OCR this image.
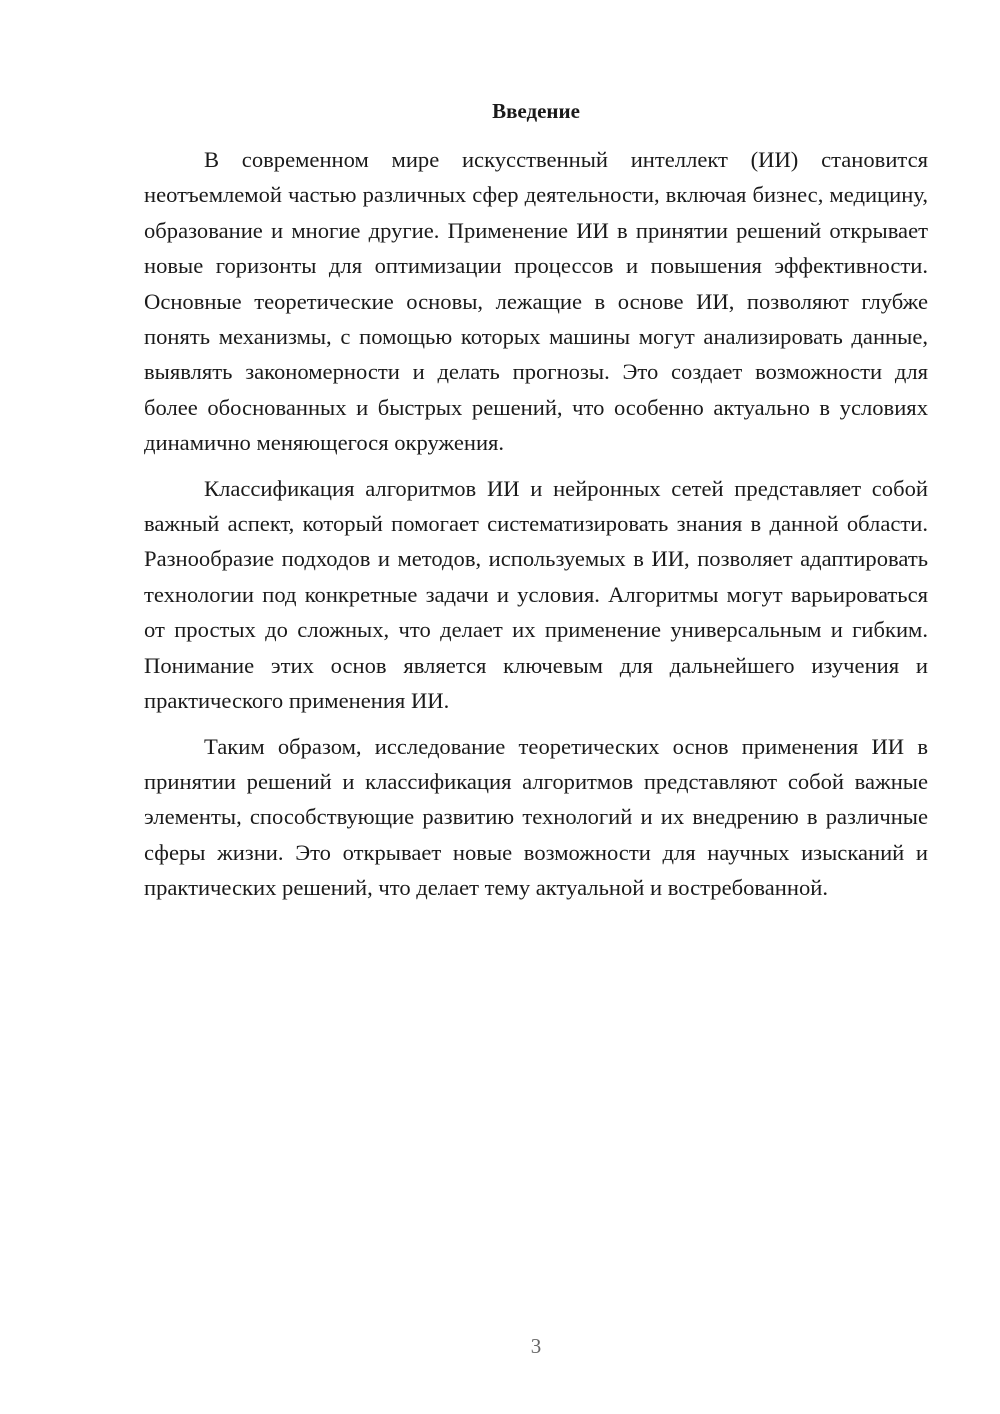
Введение

В современном мире искусственный интеллект (ИИ) становится неотъемлемой частью различных сфер деятельности, включая бизнес, медицину, образование и многие другие. Применение ИИ в принятии решений открывает новые горизонты для оптимизации процессов и повышения эффективности. Основные теоретические основы, лежащие в основе ИИ, позволяют глубже понять механизмы, с помощью которых машины могут анализировать данные, выявлять закономерности и делать прогнозы. Это создает возможности для более обоснованных и быстрых решений, что особенно актуально в условиях динамично меняющегося окружения.

Классификация алгоритмов ИИ и нейронных сетей представляет собой важный аспект, который помогает систематизировать знания в данной области. Разнообразие подходов и методов, используемых в ИИ, позволяет адаптировать технологии под конкретные задачи и условия. Алгоритмы могут варьироваться от простых до сложных, что делает их применение универсальным и гибким. Понимание этих основ является ключевым для дальнейшего изучения и практического применения ИИ.

Таким образом, исследование теоретических основ применения ИИ в принятии решений и классификация алгоритмов представляют собой важные элементы, способствующие развитию технологий и их внедрению в различные сферы жизни. Это открывает новые возможности для научных изысканий и практических решений, что делает тему актуальной и востребованной.

3
